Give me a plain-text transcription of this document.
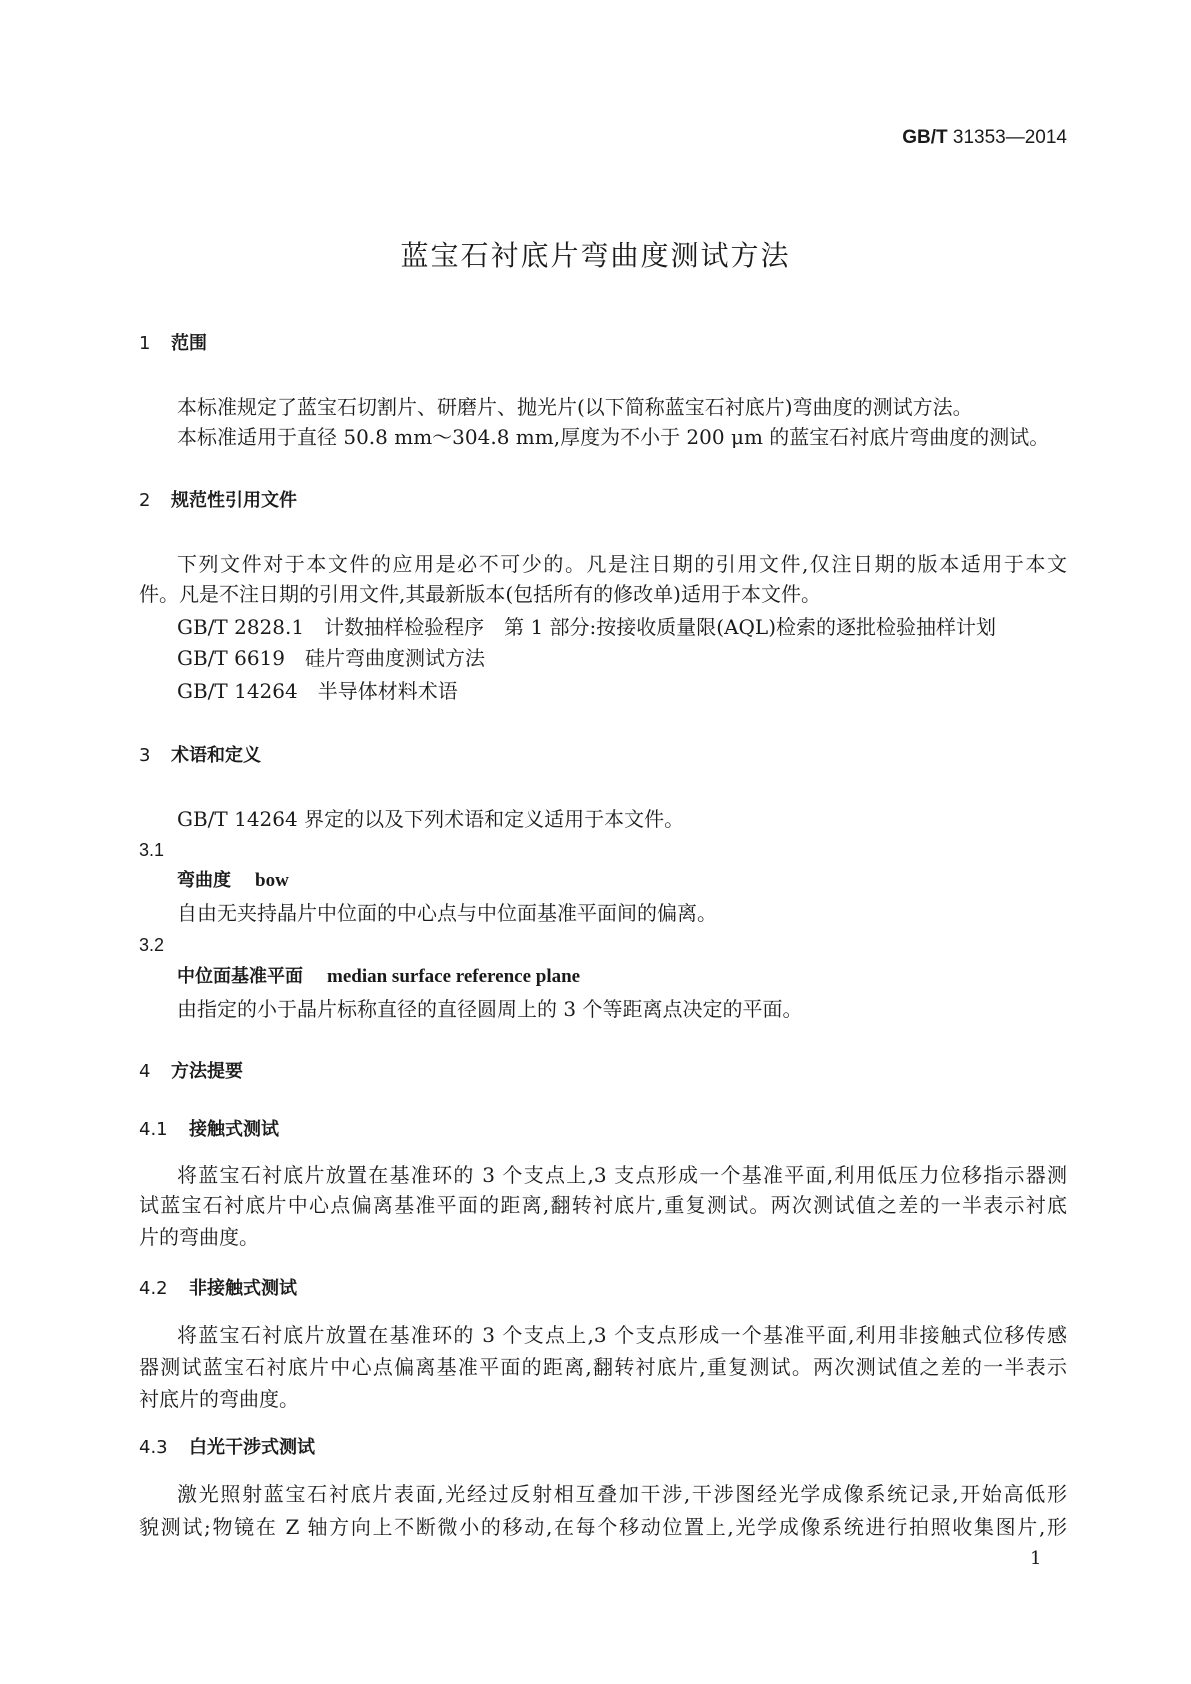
GB/T 31353—2014
蓝宝石衬底片弯曲度测试方法
1 范围
本标准规定了蓝宝石切割片、研磨片、抛光片(以下简称蓝宝石衬底片)弯曲度的测试方法。
本标准适用于直径 50.8 mm～304.8 mm,厚度为不小于 200 μm 的蓝宝石衬底片弯曲度的测试。
2 规范性引用文件
下列文件对于本文件的应用是必不可少的。凡是注日期的引用文件,仅注日期的版本适用于本文
件。凡是不注日期的引用文件,其最新版本(包括所有的修改单)适用于本文件。
GB/T 2828.1　 计数抽样检验程序　第 1 部分:按接收质量限(AQL)检索的逐批检验抽样计划
GB/T 6619　 硅片弯曲度测试方法
GB/T 14264　 半导体材料术语
3 术语和定义
GB/T 14264 界定的以及下列术语和定义适用于本文件。
3.1
弯曲度 bow
自由无夹持晶片中位面的中心点与中位面基准平面间的偏离。
3.2
中位面基准平面 median surface reference plane
由指定的小于晶片标称直径的直径圆周上的 3 个等距离点决定的平面。
4 方法提要
4.1 接触式测试
将蓝宝石衬底片放置在基准环的 3 个支点上,3 支点形成一个基准平面,利用低压力位移指示器测
试蓝宝石衬底片中心点偏离基准平面的距离,翻转衬底片,重复测试。两次测试值之差的一半表示衬底
片的弯曲度。
4.2 非接触式测试
将蓝宝石衬底片放置在基准环的 3 个支点上,3 个支点形成一个基准平面,利用非接触式位移传感
器测试蓝宝石衬底片中心点偏离基准平面的距离,翻转衬底片,重复测试。两次测试值之差的一半表示
衬底片的弯曲度。
4.3 白光干涉式测试
激光照射蓝宝石衬底片表面,光经过反射相互叠加干涉,干涉图经光学成像系统记录,开始高低形
貌测试;物镜在 Z 轴方向上不断微小的移动,在每个移动位置上,光学成像系统进行拍照收集图片,形
1
